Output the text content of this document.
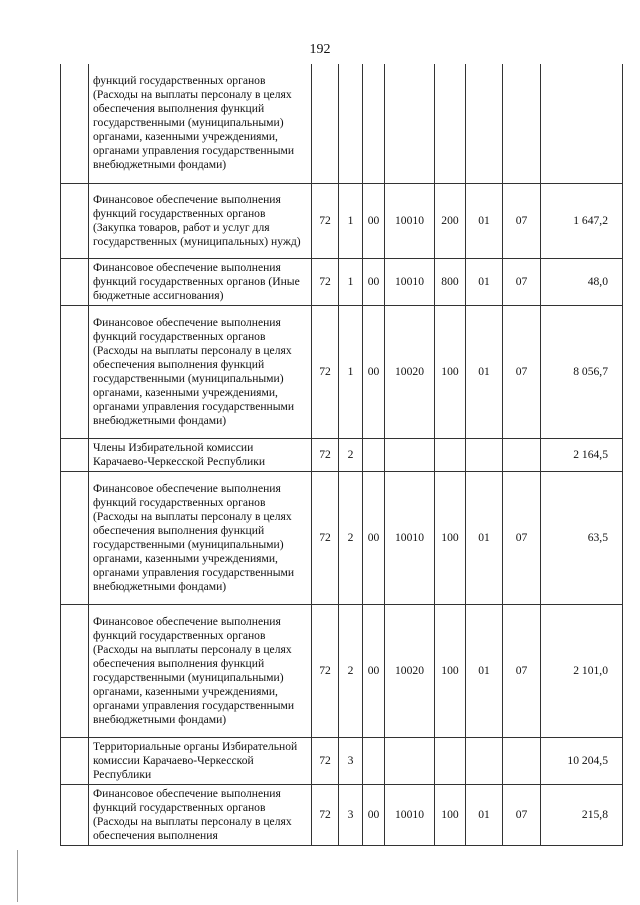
192
	функций государственных органов (Расходы на выплаты персоналу в целях обеспечения выполнения функций государственными (муниципальными) органами, казенными учреждениями, органами управления государственными внебюджетными фондами)								
	Финансовое обеспечение выполнения функций государственных органов (Закупка товаров, работ и услуг для государственных (муниципальных) нужд)	72	1	00	10010	200	01	07	1 647,2
	Финансовое обеспечение выполнения функций государственных органов (Иные бюджетные ассигнования)	72	1	00	10010	800	01	07	48,0
	Финансовое обеспечение выполнения функций государственных органов (Расходы на выплаты персоналу в целях обеспечения выполнения функций государственными (муниципальными) органами, казенными учреждениями, органами управления государственными внебюджетными фондами)	72	1	00	10020	100	01	07	8 056,7
	Члены Избирательной комиссии Карачаево-Черкесской Республики	72	2						2 164,5
	Финансовое обеспечение выполнения функций государственных органов (Расходы на выплаты персоналу в целях обеспечения выполнения функций государственными (муниципальными) органами, казенными учреждениями, органами управления государственными внебюджетными фондами)	72	2	00	10010	100	01	07	63,5
	Финансовое обеспечение выполнения функций государственных органов (Расходы на выплаты персоналу в целях обеспечения выполнения функций государственными (муниципальными) органами, казенными учреждениями, органами управления государственными внебюджетными фондами)	72	2	00	10020	100	01	07	2 101,0
	Территориальные органы Избирательной комиссии Карачаево-Черкесской Республики	72	3						10 204,5
	Финансовое обеспечение выполнения функций государственных органов (Расходы на выплаты персоналу в целях обеспечения выполнения	72	3	00	10010	100	01	07	215,8
